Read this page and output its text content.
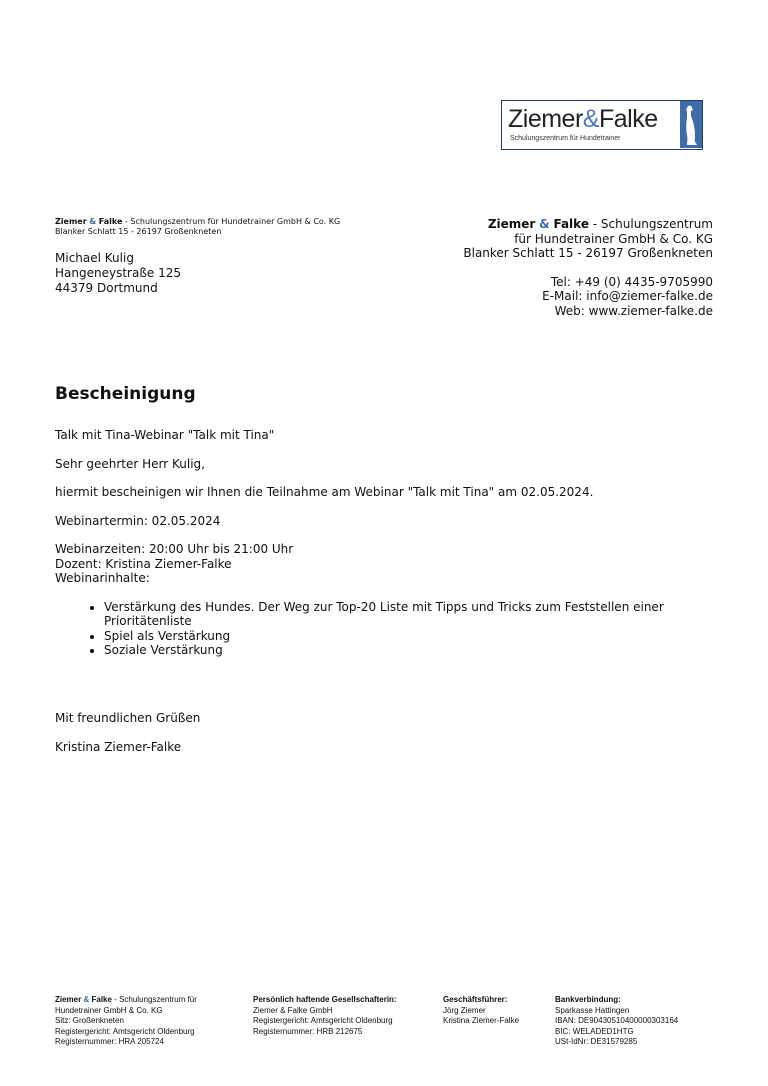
Ziemer&Falke
Schulungszentrum für Hundetrainer
Ziemer & Falke - Schulungszentrum für Hundetrainer GmbH & Co. KG
Blanker Schlatt 15 - 26197 Großenkneten
Michael Kulig
Hangeneystraße 125
44379 Dortmund
Ziemer & Falke - Schulungszentrum
für Hundetrainer GmbH & Co. KG
Blanker Schlatt 15 - 26197 Großenkneten
Tel: +49 (0) 4435-9705990
E-Mail: info@ziemer-falke.de
Web: www.ziemer-falke.de
Bescheinigung

Talk mit Tina-Webinar "Talk mit Tina"

Sehr geehrter Herr Kulig,

hiermit bescheinigen wir Ihnen die Teilnahme am Webinar "Talk mit Tina" am 02.05.2024.

Webinartermin: 02.05.2024

Webinarzeiten: 20:00 Uhr bis 21:00 Uhr

Dozent: Kristina Ziemer-Falke

Webinarinhalte:

• Verstärkung des Hundes. Der Weg zur Top-20 Liste mit Tipps und Tricks zum Feststellen einer Prioritätenliste
• Spiel als Verstärkung
• Soziale Verstärkung

Mit freundlichen Grüßen

Kristina Ziemer-Falke

Ziemer & Falke - Schulungszentrum für
Hundetrainer GmbH & Co. KG
Sitz: Großenkneten
Registergericht: Amtsgericht Oldenburg
Registernummer: HRA 205724
Persönlich haftende Gesellschafterin:
Ziemer & Falke GmbH
Registergericht: Amtsgericht Oldenburg
Registernummer: HRB 212675
Geschäftsführer:
Jörg Ziemer
Kristina Ziemer-Falke
Bankverbindung:
Sparkasse Hattingen
IBAN: DE90430510400000303164
BIC: WELADED1HTG
USt-IdNr: DE31579285
